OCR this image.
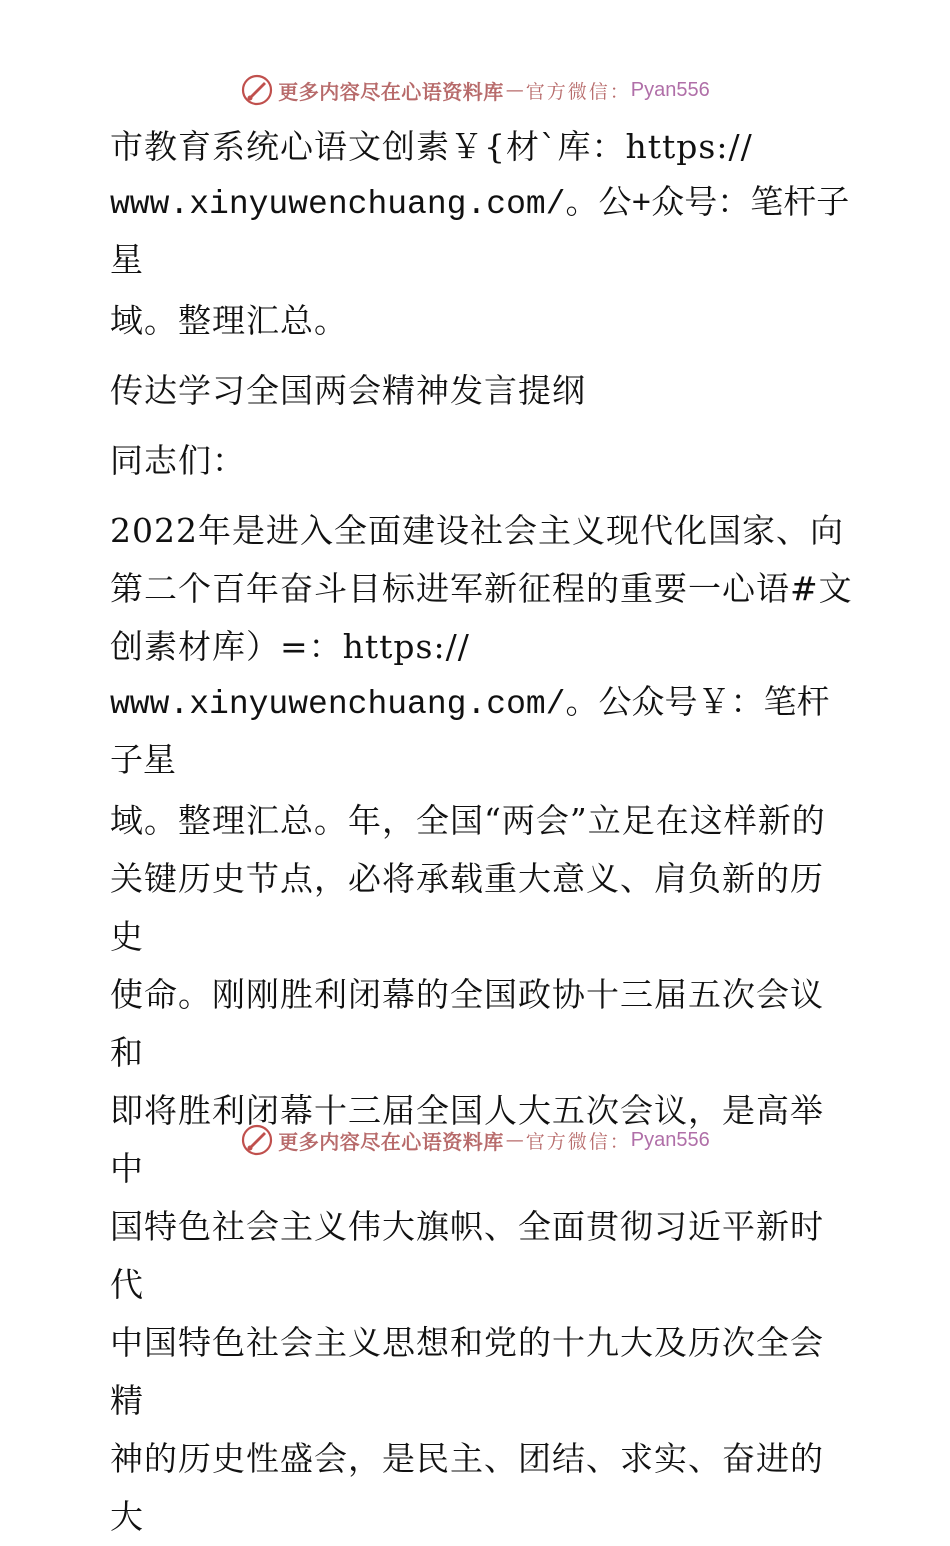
更多内容尽在心语资料库 — 官方微信： Pyan556
市教育系统心语文创素￥{材`库：https://
www.xinyuwenchuang.com/。公+众号：笔杆子星
域。整理汇总。
传达学习全国两会精神发言提纲
同志们：
2022年是进入全面建设社会主义现代化国家、向
第二个百年奋斗目标进军新征程的重要一心语#文
创素材库）=：https://
www.xinyuwenchuang.com/。公众号￥：笔杆子星
域。整理汇总。年，全国“两会”立足在这样新的
关键历史节点，必将承载重大意义、肩负新的历史
使命。刚刚胜利闭幕的全国政协十三届五次会议和
即将胜利闭幕十三届全国人大五次会议，是高举中
国特色社会主义伟大旗帜、全面贯彻习近平新时代
中国特色社会主义思想和党的十九大及历次全会精
神的历史性盛会，是民主、团结、求实、奋进的大
更多内容尽在心语资料库 — 官方微信： Pyan556
